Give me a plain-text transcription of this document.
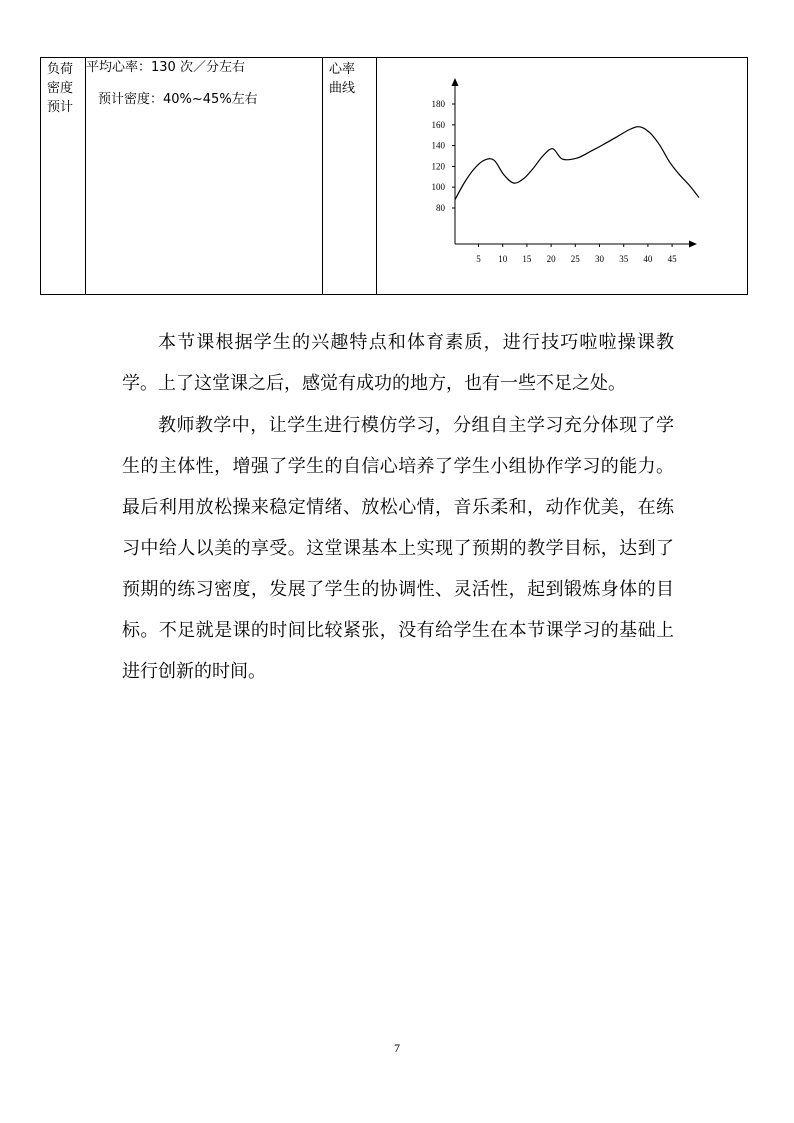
负荷
密度
预计

平均心率：130 次／分左右
预计密度：40%~45%左右

心率
曲线

80
100
120
140
160
180
5 10 15 20 25 30 35 40 45

本节课根据学生的兴趣特点和体育素质，进行技巧啦啦操课教学。上了这堂课之后，感觉有成功的地方，也有一些不足之处。

教师教学中，让学生进行模仿学习，分组自主学习充分体现了学生的主体性，增强了学生的自信心培养了学生小组协作学习的能力。最后利用放松操来稳定情绪、放松心情，音乐柔和，动作优美，在练习中给人以美的享受。这堂课基本上实现了预期的教学目标，达到了预期的练习密度，发展了学生的协调性、灵活性，起到锻炼身体的目标。不足就是课的时间比较紧张，没有给学生在本节课学习的基础上进行创新的时间。

7
